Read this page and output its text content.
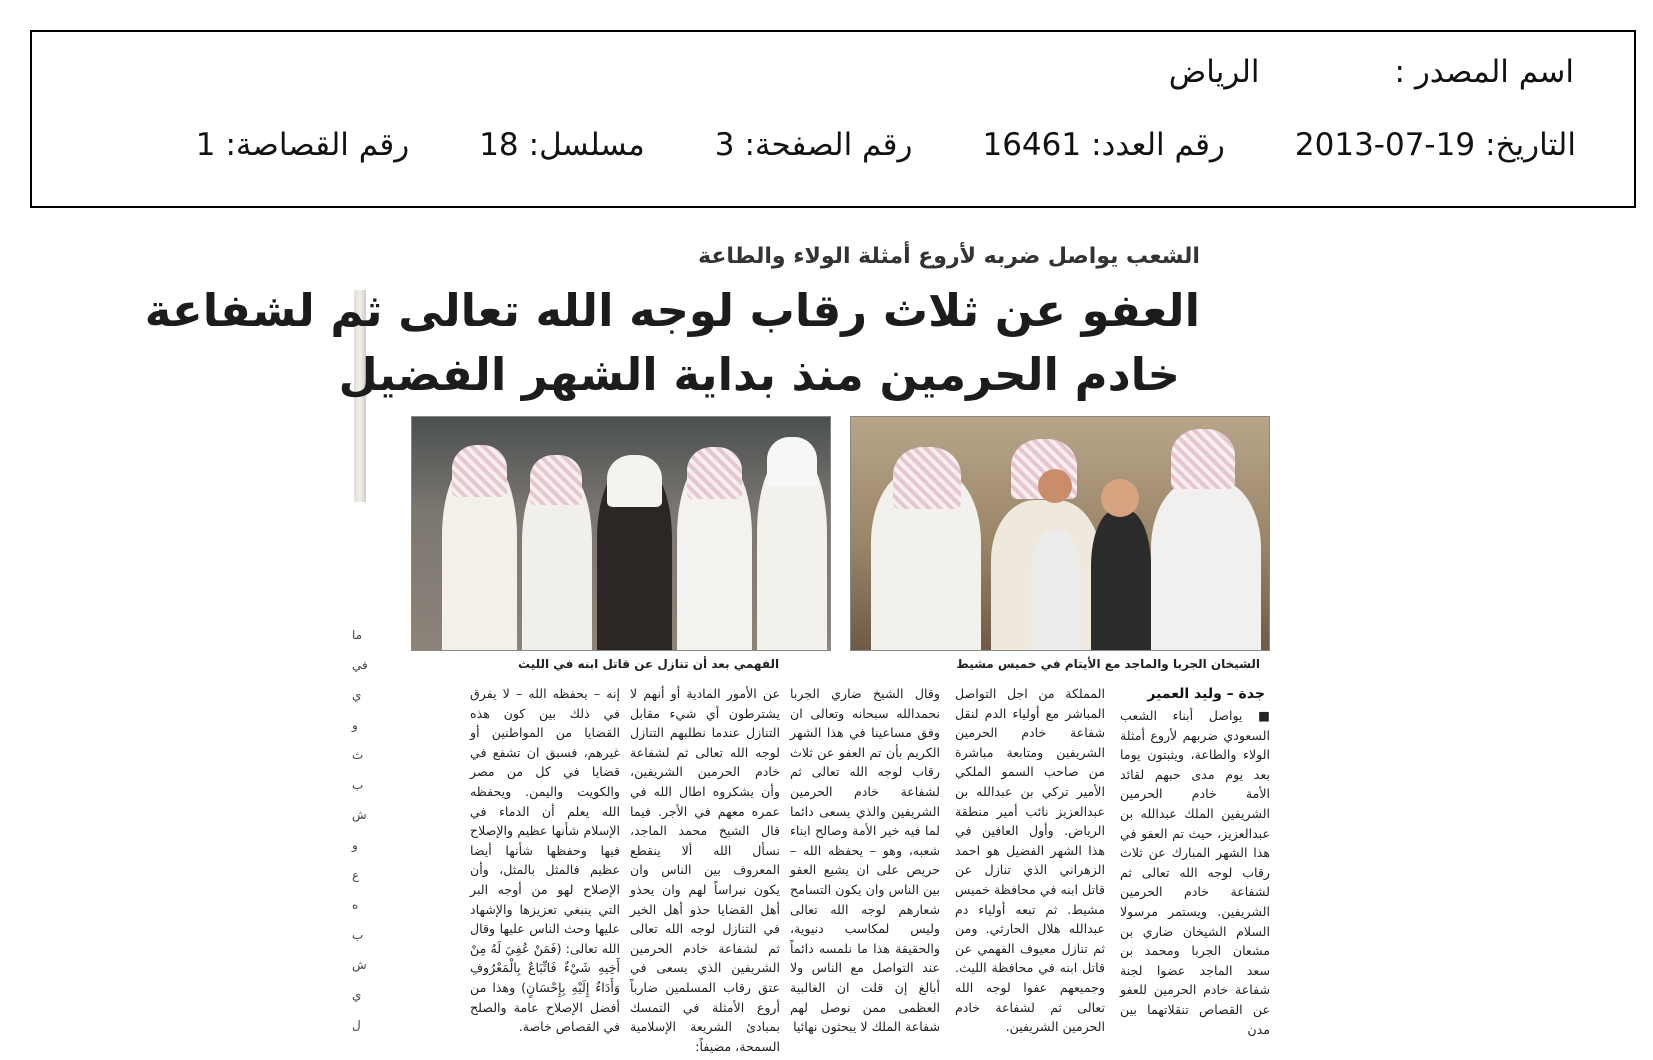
اسم المصدر :
الرياض
التاريخ:
2013-07-19
رقم العدد:
16461
رقم الصفحة:
3
مسلسل:
18
رقم القصاصة:
1
ما في ي و ث ب ش و ع ه ب ش ي ل
الشعب يواصل ضربه لأروع أمثلة الولاء والطاعة
العفو عن ثلاث رقاب لوجه الله تعالى ثم لشفاعة
خادم الحرمين منذ بداية الشهر الفضيل
الشيخان الجربا والماجد مع الأيتام في خميس مشيط
الفهمي بعد أن تنازل عن قاتل ابنه في الليث
جدة – وليد العمير
■ يواصل أبناء الشعب السعودي ضربهم لأروع أمثلة الولاء والطاعة، ويثبتون يوما بعد يوم مدى حبهم لقائد الأمة خادم الحرمين الشريفين الملك عبدالله بن عبدالعزيز، حيث تم العفو في هذا الشهر المبارك عن ثلاث رقاب لوجه الله تعالى ثم لشفاعة خادم الحرمين الشريفين. ويستمر مرسولا السلام الشيخان ضاري بن مشعان الجربا ومحمد بن سعد الماجد عضوا لجنة شفاعة خادم الحرمين للعفو عن القصاص تنقلاتهما بين مدن
المملكة من اجل التواصل المباشر مع أولياء الدم لنقل شفاعة خادم الحرمين الشريفين ومتابعة مباشرة من صاحب السمو الملكي الأمير تركي بن عبدالله بن عبدالعزيز نائب أمير منطقة الرياض. وأول العافين في هذا الشهر الفضيل هو احمد الزهراني الذي تنازل عن قاتل ابنه في محافظة خميس مشيط. ثم تبعه أولياء دم عبدالله هلال الحارثي. ومن ثم تنازل معيوف الفهمي عن قاتل ابنه في محافظة الليث. وجميعهم عفوا لوجه الله تعالى ثم لشفاعة خادم الحرمين الشريفين.
وقال الشيخ ضاري الجربا نحمدالله سبحانه وتعالى ان وفق مساعينا في هذا الشهر الكريم بأن تم العفو عن ثلاث رقاب لوجه الله تعالى ثم لشفاعة خادم الحرمين الشريفين والذي يسعى دائما لما فيه خير الأمة وصالح ابناء شعبه، وهو – يحفظه الله – حريص على ان يشيع العفو بين الناس وان يكون التسامح شعارهم لوجه الله تعالى وليس لمكاسب دنيوية، والحقيقة هذا ما نلمسه دائماً عند التواصل مع الناس ولا أبالغ إن قلت ان الغالبية العظمى ممن نوصل لهم شفاعة الملك لا يبحثون نهائيا
عن الأمور المادية أو أنهم لا يشترطون أي شيء مقابل التنازل عندما نطلبهم التنازل لوجه الله تعالى ثم لشفاعة خادم الحرمين الشريفين، وأن يشكروه اطال الله في عمره معهم في الأجر. فيما قال الشيخ محمد الماجد، نسأل الله ألا ينقطع المعروف بين الناس وان يكون نبراساً لهم وان يحذو أهل القضايا حذو أهل الخير في التنازل لوجه الله تعالى ثم لشفاعة خادم الحرمين الشريفين الذي يسعى في عتق رقاب المسلمين ضارباً أروع الأمثلة في التمسك بمبادئ الشريعة الإسلامية السمحة، مضيفاً:
إنه – يحفظه الله – لا يفرق في ذلك بين كون هذه القضايا من المواطنين أو غيرهم، فسبق ان تشفع في قضايا في كل من مصر والكويت واليمن. ويحفظه الله يعلم أن الدماء في الإسلام شأنها عظيم والإصلاح فيها وحفظها شأنها أيضا عظيم فالمثل بالمثل، وأن الإصلاح لهو من أوجه البر التي ينبغي تعزيزها والإشهاد عليها وحث الناس عليها وقال الله تعالى: (فَمَنْ عُفِيَ لَهُ مِنْ أَخِيهِ شَيْءٌ فَاتِّبَاعٌ بِالْمَعْرُوفِ وَأَدَاءٌ إِلَيْهِ بِإِحْسَانٍ) وهذا من أفضل الإصلاح عامة والصلح في القصاص خاصة.
